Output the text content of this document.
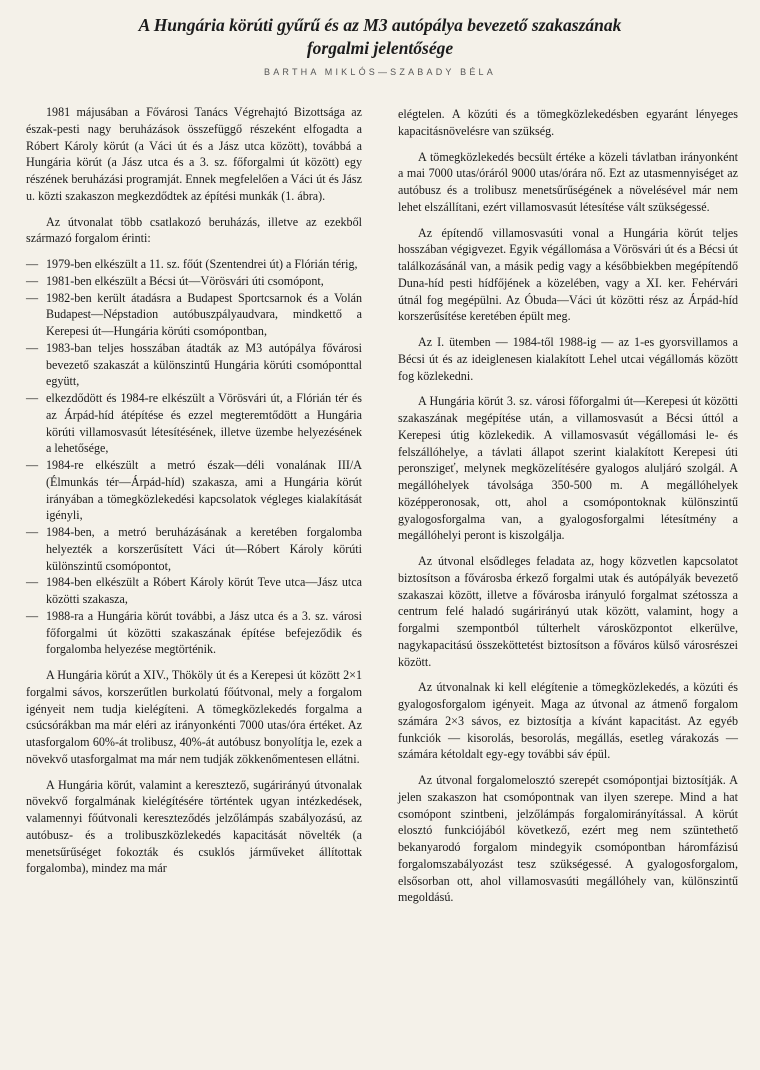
A Hungária körúti gyűrű és az M3 autópálya bevezető szakaszának
forgalmi jelentősége
BARTHA MIKLÓS—SZABADY BÉLA

1981 májusában a Fővárosi Tanács Végrehajtó Bizottsága az észak-pesti nagy beruházások összefüggő részeként elfogadta a Róbert Károly körút (a Váci út és a Jász utca között), továbbá a Hungária körút (a Jász utca és a 3. sz. főforgalmi út között) egy részének beruházási programját. Ennek megfelelően a Váci út és Jász u. közti szakaszon megkezdődtek az építési munkák (1. ábra).

Az útvonalat több csatlakozó beruházás, illetve az ezekből származó forgalom érinti:

— 1979-ben elkészült a 11. sz. főút (Szentendrei út) a Flórián térig,
— 1981-ben elkészült a Bécsi út—Vörösvári úti csomópont,
— 1982-ben került átadásra a Budapest Sportcsarnok és a Volán Budapest—Népstadion autóbuszpályaudvara, mindkettő a Kerepesi út—Hungária körúti csomópontban,
— 1983-ban teljes hosszában átadták az M3 autópálya fővárosi bevezető szakaszát a különszintű Hungária körúti csomóponttal együtt,
— elkezdődött és 1984-re elkészült a Vörösvári út, a Flórián tér és az Árpád-híd átépítése és ezzel megteremtődött a Hungária körúti villamosvasút létesítésének, illetve üzembe helyezésének a lehetősége,
— 1984-re elkészült a metró észak—déli vonalának III/A (Élmunkás tér—Árpád-híd) szakasza, ami a Hungária körút irányában a tömegközlekedési kapcsolatok végleges kialakítását igényli,
— 1984-ben, a metró beruházásának a keretében forgalomba helyezték a korszerűsített Váci út—Róbert Károly körúti különszintű csomópontot,
— 1984-ben elkészült a Róbert Károly körút Teve utca—Jász utca közötti szakasza,
— 1988-ra a Hungária körút további, a Jász utca és a 3. sz. városi főforgalmi út közötti szakaszának építése befejeződik és forgalomba helyezése megtörténik.

A Hungária körút a XIV., Thököly út és a Kerepesi út között 2×1 forgalmi sávos, korszerűtlen burkolatú főútvonal, mely a forgalom igényeit nem tudja kielégíteni. A tömegközlekedés forgalma a csúcsórákban ma már eléri az irányonkénti 7000 utas/óra értéket. Az utasforgalom 60%-át trolibusz, 40%-át autóbusz bonyolítja le, ezek a növekvő utasforgalmat ma már nem tudják zökkenőmentesen ellátni.

A Hungária körút, valamint a keresztező, sugárirányú útvonalak növekvő forgalmának kielégítésére történtek ugyan intézkedések, valamennyi főútvonali kereszteződés jelzőlámpás szabályozású, az autóbusz- és a trolibuszközlekedés kapacitását növelték (a menetsűrűséget fokozták és csuklós járműveket állítottak forgalomba), mindez ma már

elégtelen. A közúti és a tömegközlekedésben egyaránt lényeges kapacitásnövelésre van szükség.

A tömegközlekedés becsült értéke a közeli távlatban irányonként a mai 7000 utas/óráról 9000 utas/órára nő. Ezt az utasmennyiséget az autóbusz és a trolibusz menetsűrűségének a növelésével már nem lehet elszállítani, ezért villamosvasút létesítése vált szükségessé.

Az építendő villamosvasúti vonal a Hungária körút teljes hosszában végigvezet. Egyik végállomása a Vörösvári út és a Bécsi út találkozásánál van, a másik pedig vagy a későbbiekben megépítendő Duna-híd pesti hídfőjének a közelében, vagy a XI. ker. Fehérvári útnál fog megépülni. Az Óbuda—Váci út közötti rész az Árpád-híd korszerűsítése keretében épült meg.

Az I. ütemben — 1984-től 1988-ig — az 1-es gyorsvillamos a Bécsi út és az ideiglenesen kialakított Lehel utcai végállomás között fog közlekedni.

A Hungária körút 3. sz. városi főforgalmi út—Kerepesi út közötti szakaszának megépítése után, a villamosvasút a Bécsi úttól a Kerepesi útig közlekedik. A villamosvasút végállomási le- és felszállóhelye, a távlati állapot szerint kialakított Kerepesi úti peronszigeť, melynek megközelítésére gyalogos aluljáró szolgál. A megállóhelyek távolsága 350-500 m. A megállóhelyek középperonosak, ott, ahol a csomópontoknak különszintű gyalogosforgalma van, a gyalogosforgalmi létesítmény a megállóhelyi peront is kiszolgálja.

Az útvonal elsődleges feladata az, hogy közvetlen kapcsolatot biztosítson a fővárosba érkező forgalmi utak és autópályák bevezető szakaszai között, illetve a fővárosba irányuló forgalmat szétossza a centrum felé haladó sugárirányú utak között, valamint, hogy a forgalmi szempontból túlterhelt városközpontot elkerülve, nagykapacitású összeköttetést biztosítson a főváros külső városrészei között.

Az útvonalnak ki kell elégítenie a tömegközlekedés, a közúti és gyalogosforgalom igényeit. Maga az útvonal az átmenő forgalom számára 2×3 sávos, ez biztosítja a kívánt kapacitást. Az egyéb funkciók — kisorolás, besorolás, megállás, esetleg várakozás — számára kétoldalt egy-egy további sáv épül.

Az útvonal forgalomelosztó szerepét csomópontjai biztosítják. A jelen szakaszon hat csomópontnak van ilyen szerepe. Mind a hat csomópont szintbeni, jelzőlámpás forgalomirányítással. A körút elosztó funkciójából következő, ezért meg nem szüntethető bekanyarodó forgalom mindegyik csomópontban háromfázisú forgalomszabályozást tesz szükségessé. A gyalogosforgalom, elsősorban ott, ahol villamosvasúti megállóhely van, különszintű megoldású.
